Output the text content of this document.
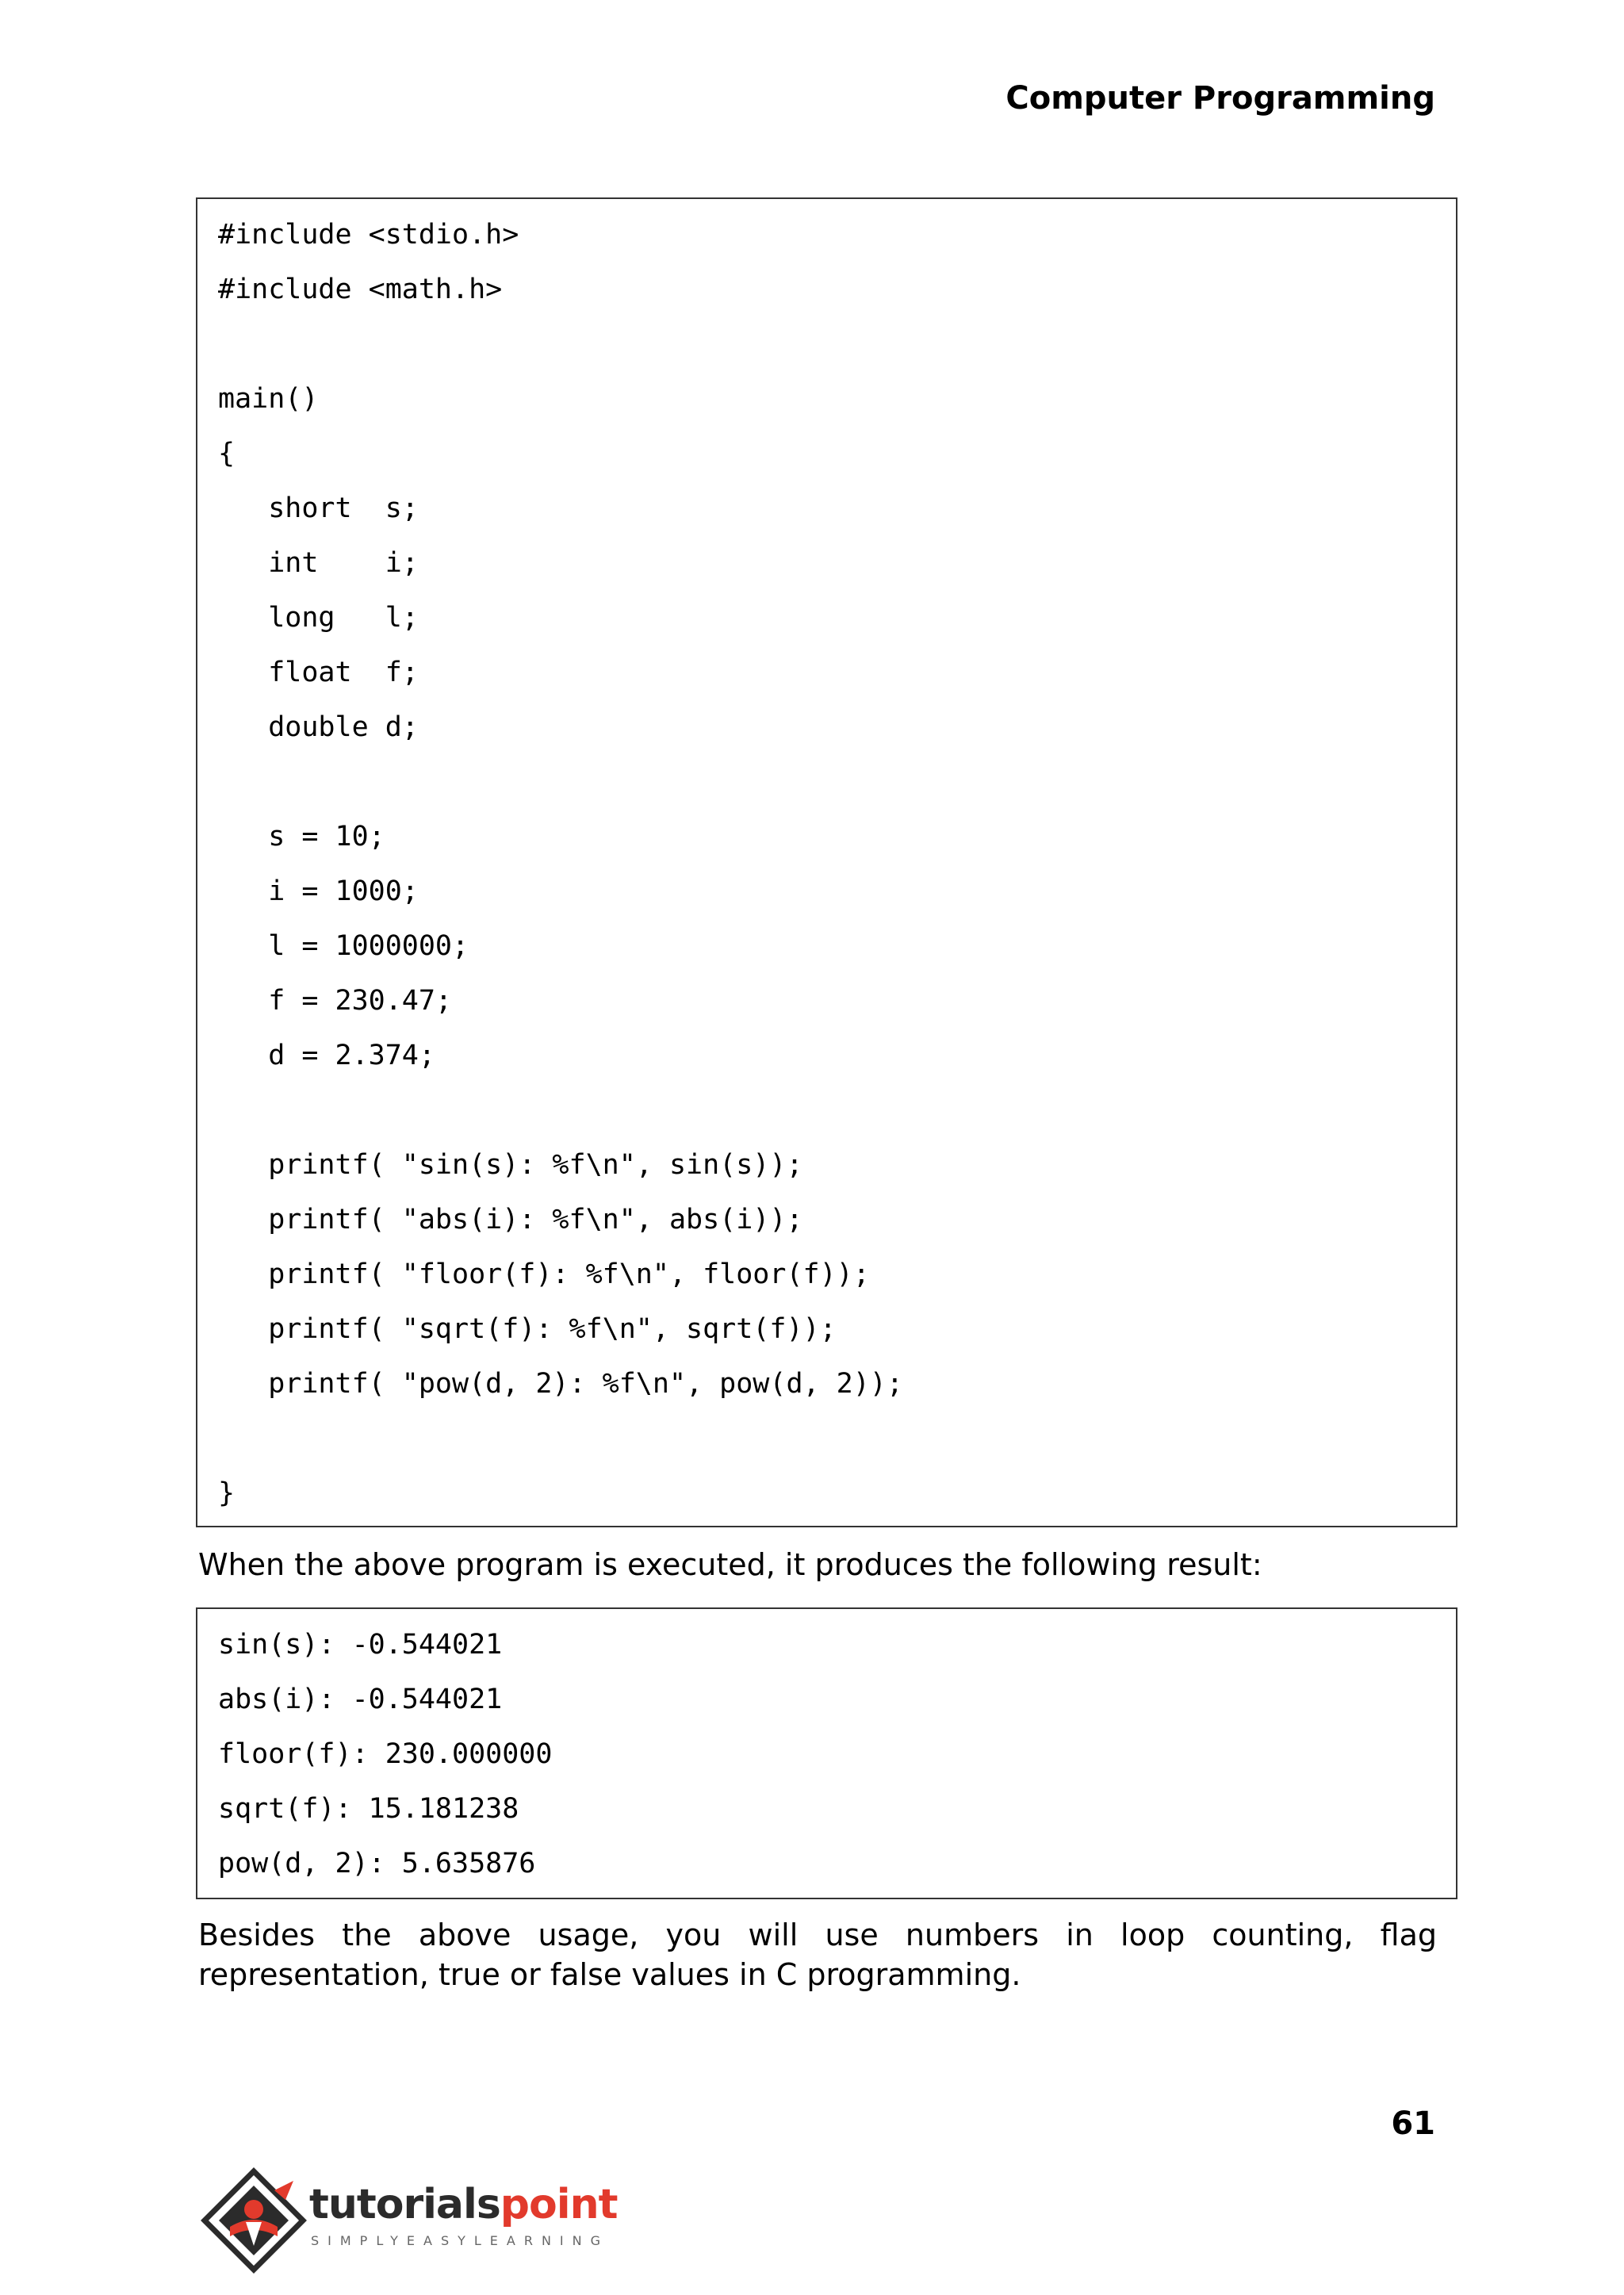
Computer Programming
#include <stdio.h>
#include <math.h>
main()
{
short  s;
int    i;
long   l;
float  f;
double d;
s = 10;
i = 1000;
l = 1000000;
f = 230.47;
d = 2.374;
printf( "sin(s): %f\n", sin(s));
printf( "abs(i): %f\n", abs(i));
printf( "floor(f): %f\n", floor(f));
printf( "sqrt(f): %f\n", sqrt(f));
printf( "pow(d, 2): %f\n", pow(d, 2));
}

When the above program is executed, it produces the following result:

sin(s): -0.544021
abs(i): -0.544021
floor(f): 230.000000
sqrt(f): 15.181238
pow(d, 2): 5.635876

Besides the above usage, you will use numbers in loop counting, flag representation, true or false values in C programming.

61
tutorialspoint
SIMPLYEASYLEARNING
